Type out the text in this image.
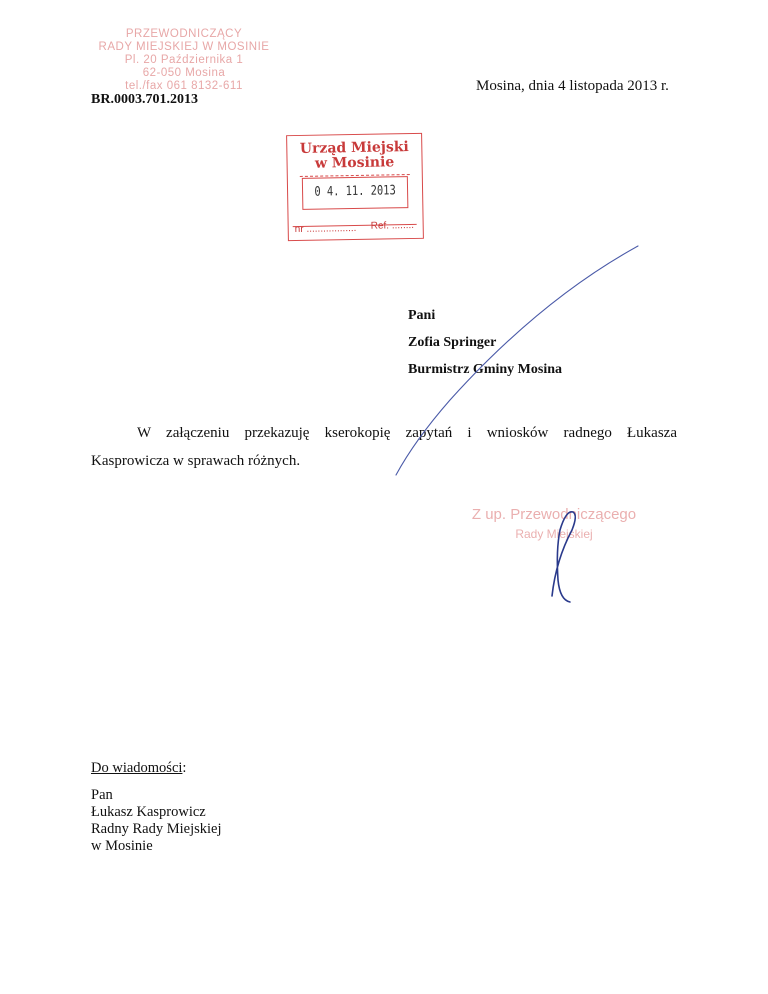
PRZEWODNICZĄCY
RADY MIEJSKIEJ W MOSINIE
Pl. 20 Października 1
62-050 Mosina
tel./fax 061 8132-611	Mosina, dnia 4 listopada 2013 r.
BR.0003.701.2013
Urząd Miejski
w Mosinie
0 4. 11. 2013
nr .................. Ref. ........
Pani
Zofia Springer
Burmistrz Gminy Mosina
W załączeniu przekazuję kserokopię zapytań i wniosków radnego Łukasza
Kasprowicza w sprawach różnych.
Z up. Przewodniczącego
Rady Miejskiej
Do wiadomości:
Pan
Łukasz Kasprowicz
Radny Rady Miejskiej
w Mosinie
